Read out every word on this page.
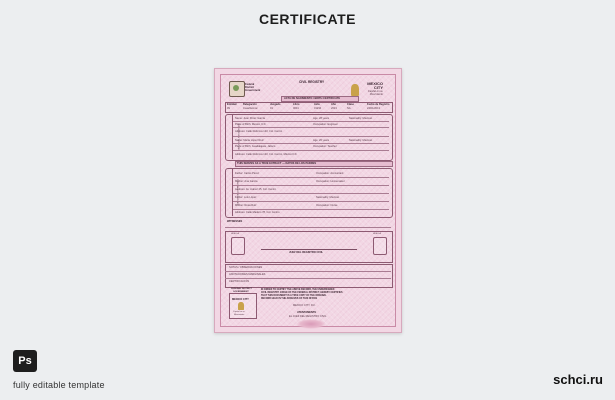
CERTIFICATE
Federal
District
Government
CIVIL REGISTRY	MEXICO
CITY
Capital en su
Movimiento
ACTA DE NACIMIENTO / BIRTH CERTIFICATE
Entidad Delegación	Juzgado	Libro	Acta	Año	Clase	Fecha de Registro
09	Cuauhtémoc	01	0001	01234	2013	NA	24/01/2013
DATOS DEL REGISTRADO
Name: Juan Pérez García	Age: 28 years	Nationality: Mexican
Place of Birth: Mexico, D.F.	Occupation: Engineer
Address: Calle Reforma 123, Col. Centro
Name: María López Ruiz	Age: 26 years	Nationality: Mexican
Place of Birth: Guadalajara, Jalisco	Occupation: Teacher
Address: Calle Reforma 123, Col. Centro, México D.F.
THIS SERVES AS A TRUE EXTRACT — DATOS DE LOS PADRES
DATOS DE LOS PADRES
Father: Carlos Pérez	Occupation: Accountant
Mother: Ana García	Occupation: Homemaker
Address: Av. Juárez 45, Col. Centro
Father: Luis López	Nationality: Mexican
Mother: Rosa Ruiz	Occupation: Nurse
Address: Calle Madero 78, Col. Centro
WITNESSES
HUELLA	HUELLA
JUEZ DEL REGISTRO CIVIL
NOTAS / OBSERVACIONES
ANOTACIONES MARGINALES
CERTIFICACIÓN
FEDERAL DISTRICT
GOVERNMENT
MEXICO CITY
Capital en su
Movimiento
IN ORDER TO CERTIFY THE ABOVE RECORD, THE UNDERSIGNED
CIVIL REGISTRY JUDGE OF THE FEDERAL DISTRICT, HEREBY CERTIFIES
THAT THIS DOCUMENT IS A TRUE COPY OF THE ORIGINAL
RECORD HELD IN THE ARCHIVES OF THIS OFFICE
MEXICO CITY, D.F.
ATENTAMENTE
EL JUEZ DEL REGISTRO CIVIL
Ps
fully editable template	schci.ru
